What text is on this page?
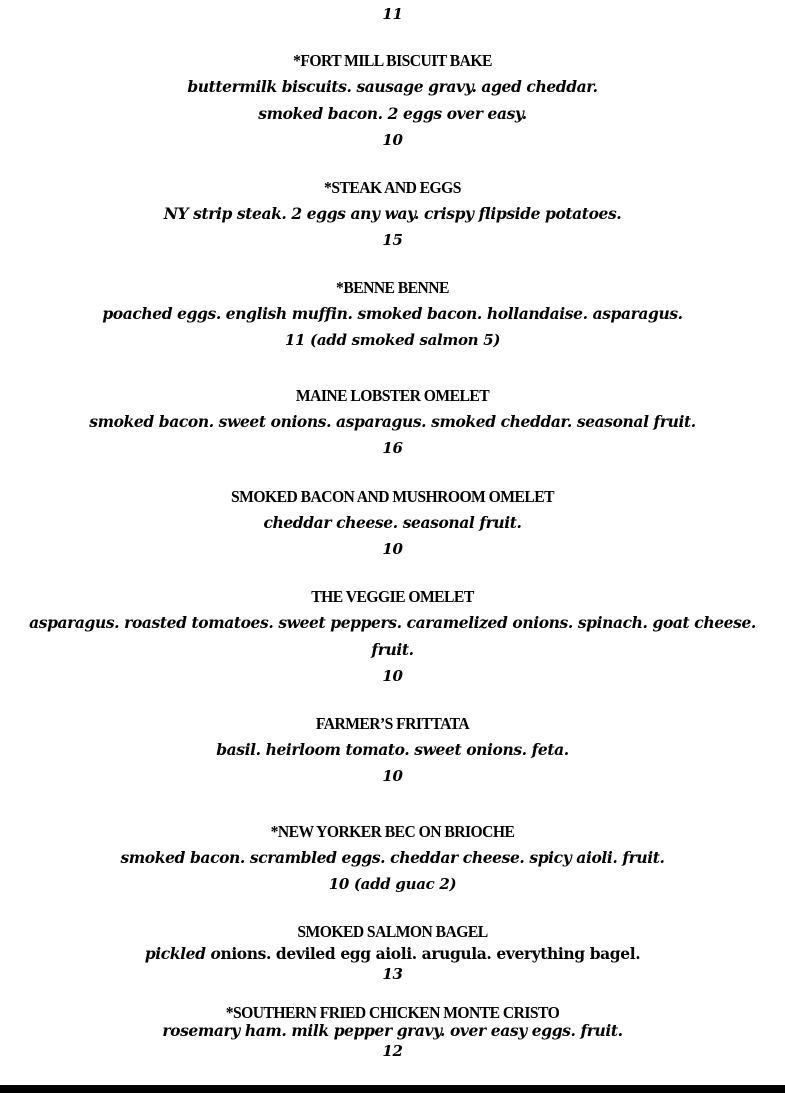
11
*FORT MILL BISCUIT BAKE
buttermilk biscuits. sausage gravy. aged cheddar.
smoked bacon. 2 eggs over easy.
10
*STEAK AND EGGS
NY strip steak. 2 eggs any way. crispy flipside potatoes.
15
*BENNE BENNE
poached eggs. english muffin. smoked bacon. hollandaise. asparagus.
11 (add smoked salmon 5)
MAINE LOBSTER OMELET
smoked bacon. sweet onions. asparagus. smoked cheddar. seasonal fruit.
16
SMOKED BACON AND MUSHROOM OMELET
cheddar cheese. seasonal fruit.
10
THE VEGGIE OMELET
asparagus. roasted tomatoes. sweet peppers. caramelized onions. spinach. goat cheese.
fruit.
10
FARMER’S FRITTATA
basil. heirloom tomato. sweet onions. feta.
10
*NEW YORKER BEC ON BRIOCHE
smoked bacon. scrambled eggs. cheddar cheese. spicy aioli. fruit.
10 (add guac 2)
SMOKED SALMON BAGEL
pickled onions. deviled egg aioli. arugula. everything bagel.
13
*SOUTHERN FRIED CHICKEN MONTE CRISTO
rosemary ham. milk pepper gravy. over easy eggs. fruit.
12
